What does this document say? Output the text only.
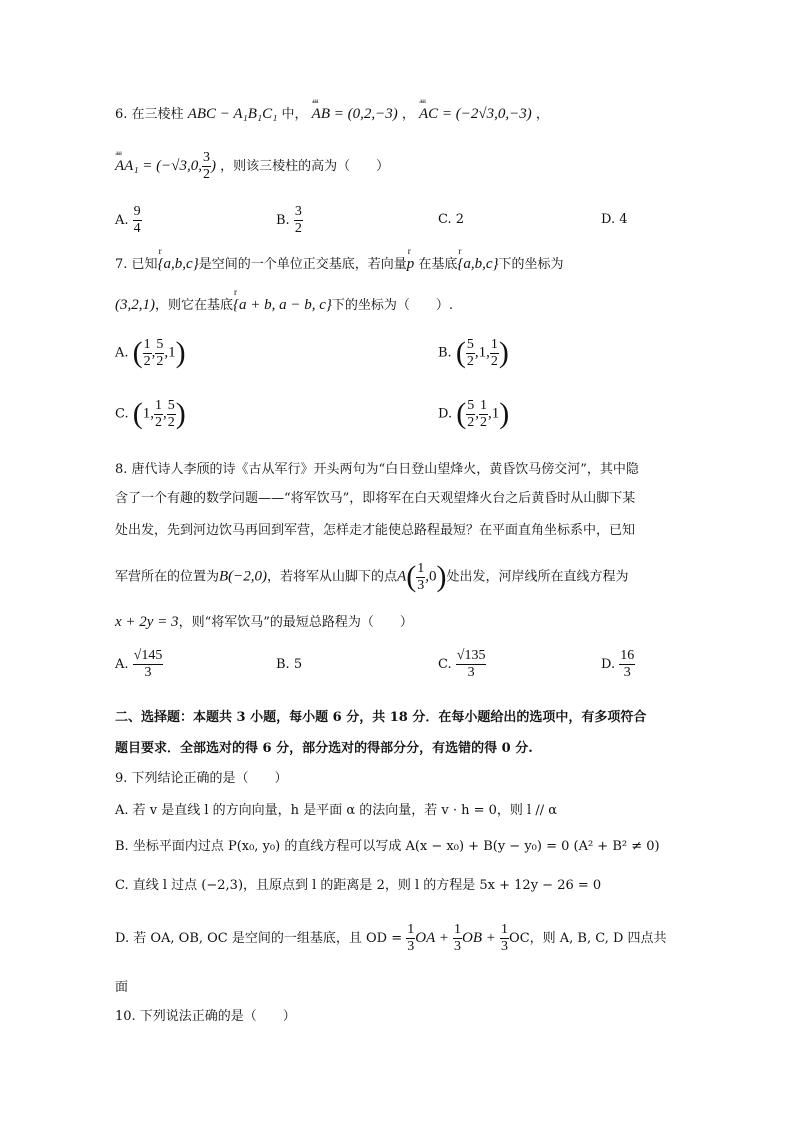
6. 在三棱柱 ABC − A₁B₁C₁ 中， ⅎⅎⅎ AB = (0,2,−3) ， ⅎⅎⅎ AC = (−2√3,0,−3) ，
ⅎⅎⅎ AA₁ = (−√3,0, $\frac{3}{2}$ ) ，则该三棱柱的高为（　　）
A. $\frac{9}{4}$	B. $\frac{3}{2}$	C. 2	D. 4
7. 已知r {a,b,c}是空间的一个单位正交基底，若向量r p 在基底r {a,b,c}下的坐标为
(3,2,1)，则它在基底r {a + b, a − b, c}下的坐标为（　　）.
A. ( $\frac{1}{2}$ , $\frac{5}{2} ,1$)	B. ( $\frac{5}{2} ,1$, $\frac{1}{2}$ )
C. (1, $\frac{1}{2}$ , $\frac{5}{2}$ )	D. ( $\frac{5}{2}$ , $\frac{1}{2} ,1$)
8. 唐代诗人李颀的诗《古从军行》开头两句为“白日登山望烽火，黄昏饮马傍交河”，其中隐
含了一个有趣的数学问题——“将军饮马”，即将军在白天观望烽火台之后黄昏时从山脚下某
处出发，先到河边饮马再回到军营，怎样走才能使总路程最短？在平面直角坐标系中，已知
军营所在的位置为B(−2,0)，若将军从山脚下的点$A( \frac{1}{3} ,0)$处出发，河岸线所在直线方程为
x + 2y = 3，则“将军饮马”的最短总路程为（　　）
A. $\frac{√145}{3}$	B. 5	C. $\frac{√135}{3}$	D. $\frac{16}{3}$
二、选择题：本题共 3 小题，每小题 6 分，共 18 分．在每小题给出的选项中，有多项符合
题目要求．全部选对的得 6 分，部分选对的得部分分，有选错的得 0 分.
9. 下列结论正确的是（　　）
A. 若 v 是直线 l 的方向向量，h 是平面 α 的法向量，若 v · h = 0，则 l // α
B. 坐标平面内过点 P(x₀, y₀) 的直线方程可以写成 A(x − x₀) + B(y − y₀) = 0 (A² + B² ≠ 0)
C. 直线 l 过点 (−2,3)，且原点到 l 的距离是 2，则 l 的方程是 5x + 12y − 26 = 0
D. 若 OA, OB, OC 是空间的一组基底，且 OD = $\frac{1}{3}$ OA + $\frac{1}{3}$ OB + $\frac{1}{3}$ OC，则 A, B, C, D 四点共
面
10. 下列说法正确的是（　　）
